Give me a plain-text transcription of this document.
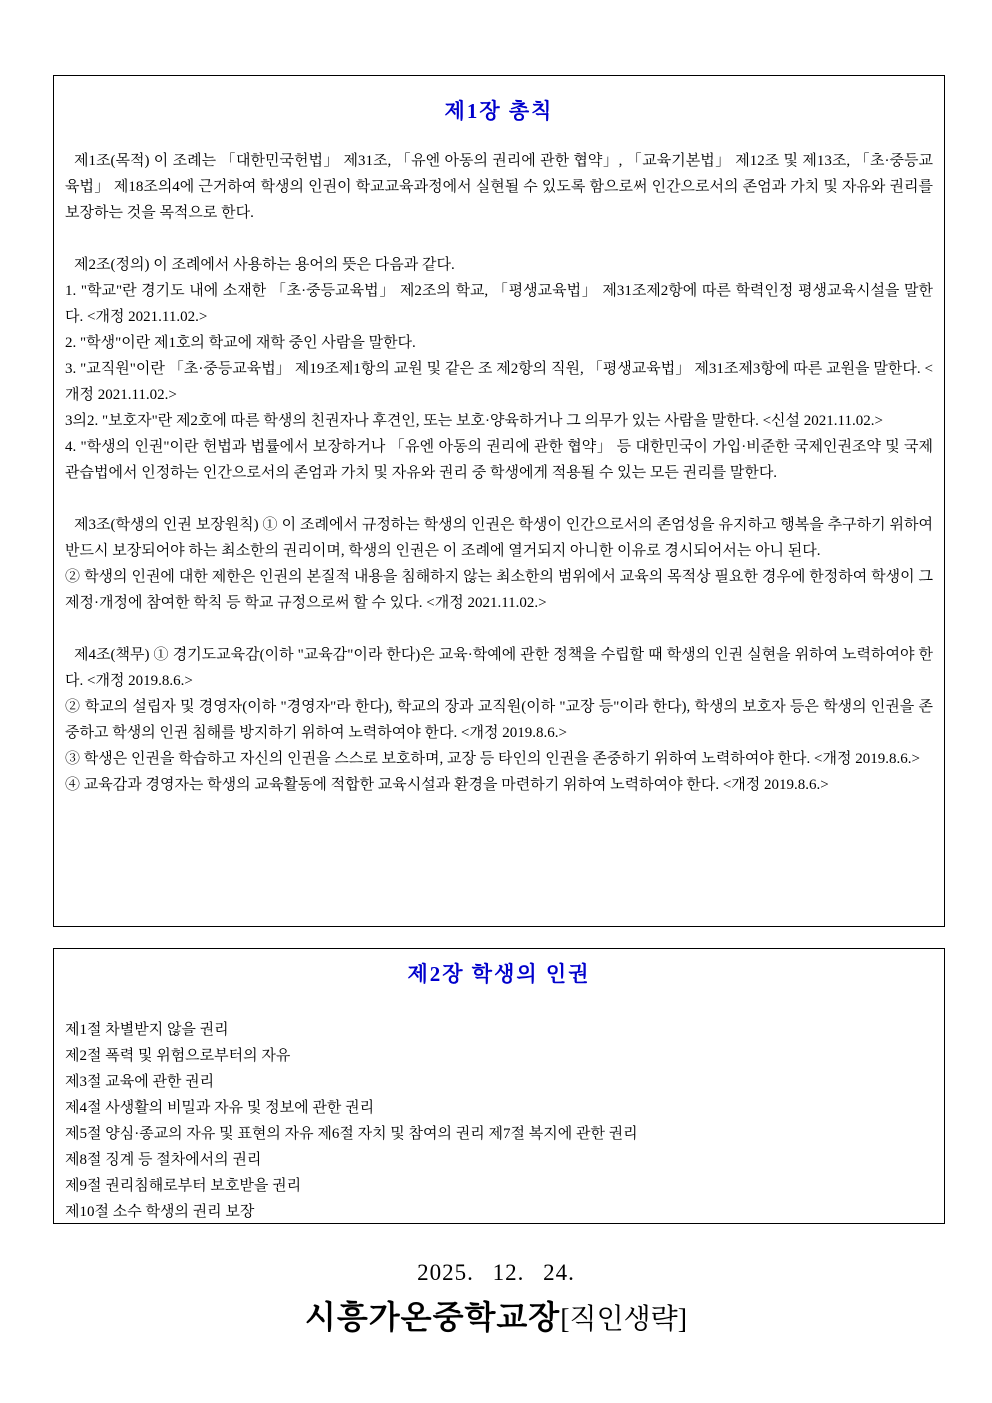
제1장 총칙
제1조(목적) 이 조례는 「대한민국헌법」 제31조, 「유엔 아동의 권리에 관한 협약」, 「교육기본법」 제12조 및 제13조, 「초·중등교육법」 제18조의4에 근거하여 학생의 인권이 학교교육과정에서 실현될 수 있도록 함으로써 인간으로서의 존엄과 가치 및 자유와 권리를 보장하는 것을 목적으로 한다.
제2조(정의) 이 조례에서 사용하는 용어의 뜻은 다음과 같다.
1. "학교"란 경기도 내에 소재한 「초·중등교육법」 제2조의 학교, 「평생교육법」 제31조제2항에 따른 학력인정 평생교육시설을 말한다. <개정 2021.11.02.>
2. "학생"이란 제1호의 학교에 재학 중인 사람을 말한다.
3. "교직원"이란 「초·중등교육법」 제19조제1항의 교원 및 같은 조 제2항의 직원, 「평생교육법」 제31조제3항에 따른 교원을 말한다. <개정 2021.11.02.>
3의2. "보호자"란 제2호에 따른 학생의 친권자나 후견인, 또는 보호·양육하거나 그 의무가 있는 사람을 말한다. <신설 2021.11.02.>
4. "학생의 인권"이란 헌법과 법률에서 보장하거나 「유엔 아동의 권리에 관한 협약」 등 대한민국이 가입·비준한 국제인권조약 및 국제관습법에서 인정하는 인간으로서의 존엄과 가치 및 자유와 권리 중 학생에게 적용될 수 있는 모든 권리를 말한다.
제3조(학생의 인권 보장원칙) ① 이 조례에서 규정하는 학생의 인권은 학생이 인간으로서의 존엄성을 유지하고 행복을 추구하기 위하여 반드시 보장되어야 하는 최소한의 권리이며, 학생의 인권은 이 조례에 열거되지 아니한 이유로 경시되어서는 아니 된다.
② 학생의 인권에 대한 제한은 인권의 본질적 내용을 침해하지 않는 최소한의 범위에서 교육의 목적상 필요한 경우에 한정하여 학생이 그 제정·개정에 참여한 학칙 등 학교 규정으로써 할 수 있다. <개정 2021.11.02.>
제4조(책무) ① 경기도교육감(이하 "교육감"이라 한다)은 교육·학예에 관한 정책을 수립할 때 학생의 인권 실현을 위하여 노력하여야 한다. <개정 2019.8.6.>
② 학교의 설립자 및 경영자(이하 "경영자"라 한다), 학교의 장과 교직원(이하 "교장 등"이라 한다), 학생의 보호자 등은 학생의 인권을 존중하고 학생의 인권 침해를 방지하기 위하여 노력하여야 한다. <개정 2019.8.6.>
③ 학생은 인권을 학습하고 자신의 인권을 스스로 보호하며, 교장 등 타인의 인권을 존중하기 위하여 노력하여야 한다. <개정 2019.8.6.>
④ 교육감과 경영자는 학생의 교육활동에 적합한 교육시설과 환경을 마련하기 위하여 노력하여야 한다. <개정 2019.8.6.>
제2장 학생의 인권
제1절 차별받지 않을 권리
제2절 폭력 및 위험으로부터의 자유
제3절 교육에 관한 권리
제4절 사생활의 비밀과 자유 및 정보에 관한 권리
제5절 양심·종교의 자유 및 표현의 자유 제6절 자치 및 참여의 권리 제7절 복지에 관한 권리
제8절 징계 등 절차에서의 권리
제9절 권리침해로부터 보호받을 권리
제10절 소수 학생의 권리 보장
2025. 12. 24.
시흥가온중학교장[직인생략]
